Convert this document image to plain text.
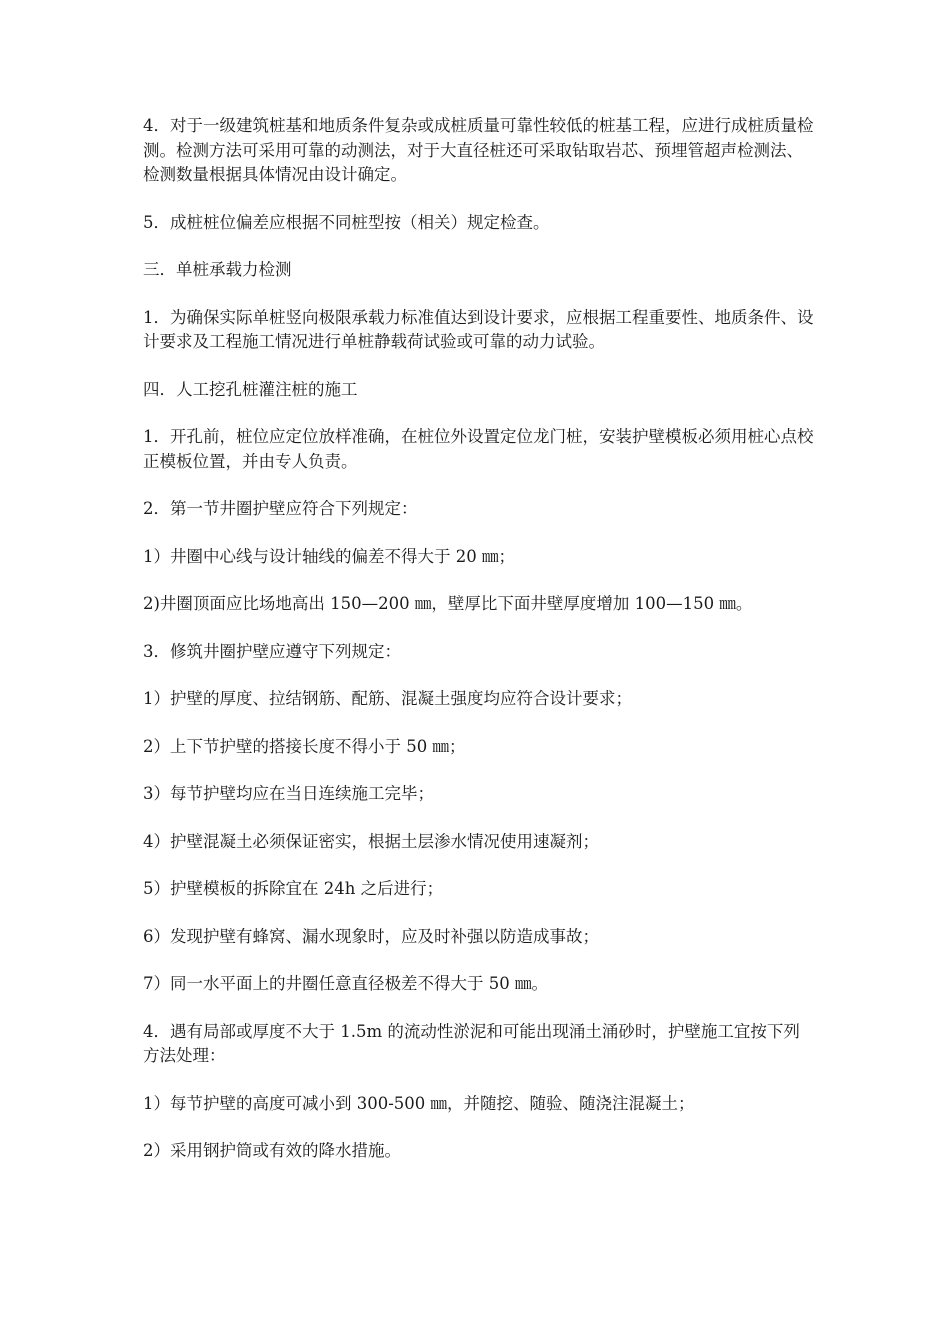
4．对于一级建筑桩基和地质条件复杂或成桩质量可靠性较低的桩基工程，应进行成桩质量检测。检测方法可采用可靠的动测法，对于大直径桩还可采取钻取岩芯、预埋管超声检测法、检测数量根据具体情况由设计确定。

5．成桩桩位偏差应根据不同桩型按（相关）规定检查。

三．单桩承载力检测

1．为确保实际单桩竖向极限承载力标准值达到设计要求，应根据工程重要性、地质条件、设计要求及工程施工情况进行单桩静载荷试验或可靠的动力试验。

四．人工挖孔桩灌注桩的施工

1．开孔前，桩位应定位放样准确，在桩位外设置定位龙门桩，安装护壁模板必须用桩心点校正模板位置，并由专人负责。

2．第一节井圈护壁应符合下列规定：

1）井圈中心线与设计轴线的偏差不得大于 20 ㎜；

2)井圈顶面应比场地高出 150—200 ㎜，壁厚比下面井壁厚度增加 100—150 ㎜。

3．修筑井圈护壁应遵守下列规定：

1）护壁的厚度、拉结钢筋、配筋、混凝土强度均应符合设计要求；

2）上下节护壁的搭接长度不得小于 50 ㎜；

3）每节护壁均应在当日连续施工完毕；

4）护壁混凝土必须保证密实，根据土层渗水情况使用速凝剂；

5）护壁模板的拆除宜在 24h 之后进行；

6）发现护壁有蜂窝、漏水现象时，应及时补强以防造成事故；

7）同一水平面上的井圈任意直径极差不得大于 50 ㎜。

4．遇有局部或厚度不大于 1.5m 的流动性淤泥和可能出现涌土涌砂时，护壁施工宜按下列方法处理：

1）每节护壁的高度可减小到 300-500 ㎜，并随挖、随验、随浇注混凝土；

2）采用钢护筒或有效的降水措施。
